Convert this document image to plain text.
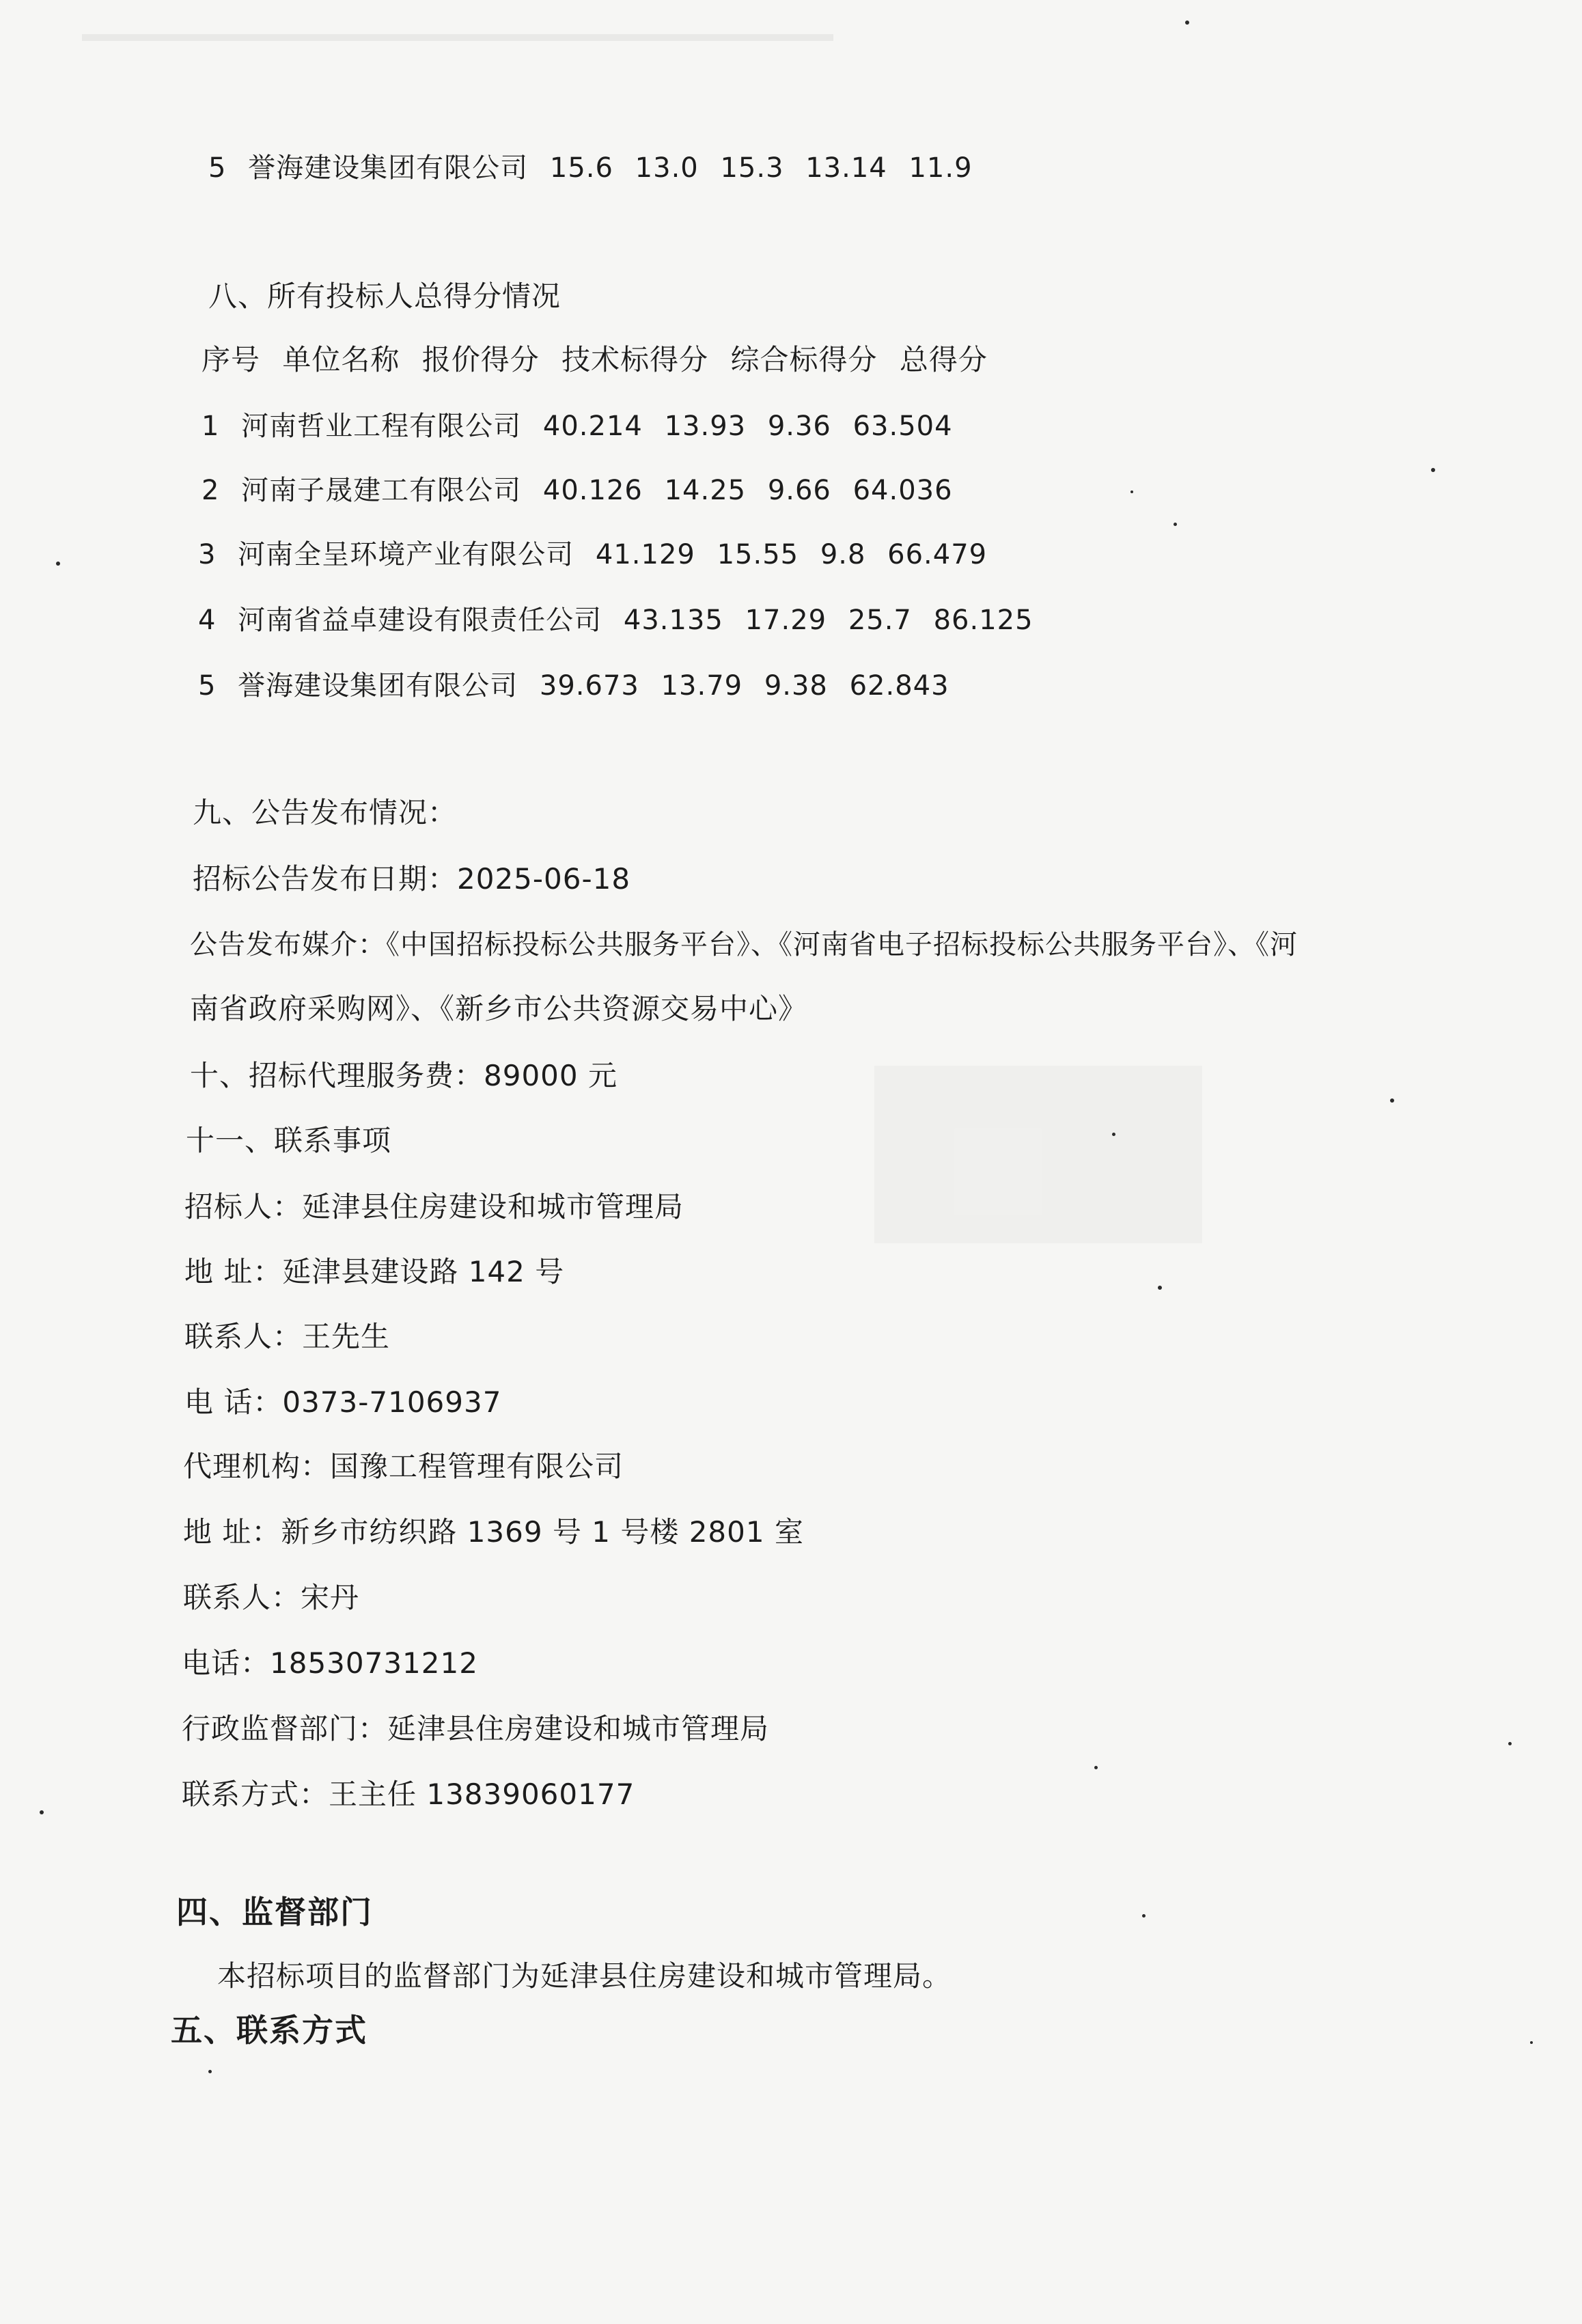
5 誉海建设集团有限公司 15.6 13.0 15.3 13.14 11.9
八、所有投标人总得分情况
序号 单位名称 报价得分 技术标得分 综合标得分 总得分
1 河南哲业工程有限公司 40.214 13.93 9.36 63.504
2 河南子晟建工有限公司 40.126 14.25 9.66 64.036
3 河南全呈环境产业有限公司 41.129 15.55 9.8 66.479
4 河南省益卓建设有限责任公司 43.135 17.29 25.7 86.125
5 誉海建设集团有限公司 39.673 13.79 9.38 62.843
九、公告发布情况：
招标公告发布日期：2025-06-18
公告发布媒介：《中国招标投标公共服务平台》、《河南省电子招标投标公共服务平台》、《河
南省政府采购网》、《新乡市公共资源交易中心》
十、招标代理服务费：89000 元
十一、联系事项
招标人：延津县住房建设和城市管理局
地 址：延津县建设路 142 号
联系人：王先生
电 话：0373-7106937
代理机构：国豫工程管理有限公司
地 址：新乡市纺织路 1369 号 1 号楼 2801 室
联系人：宋丹
电话：18530731212
行政监督部门：延津县住房建设和城市管理局
联系方式：王主任 13839060177
四、监督部门
本招标项目的监督部门为延津县住房建设和城市管理局。
五、联系方式
